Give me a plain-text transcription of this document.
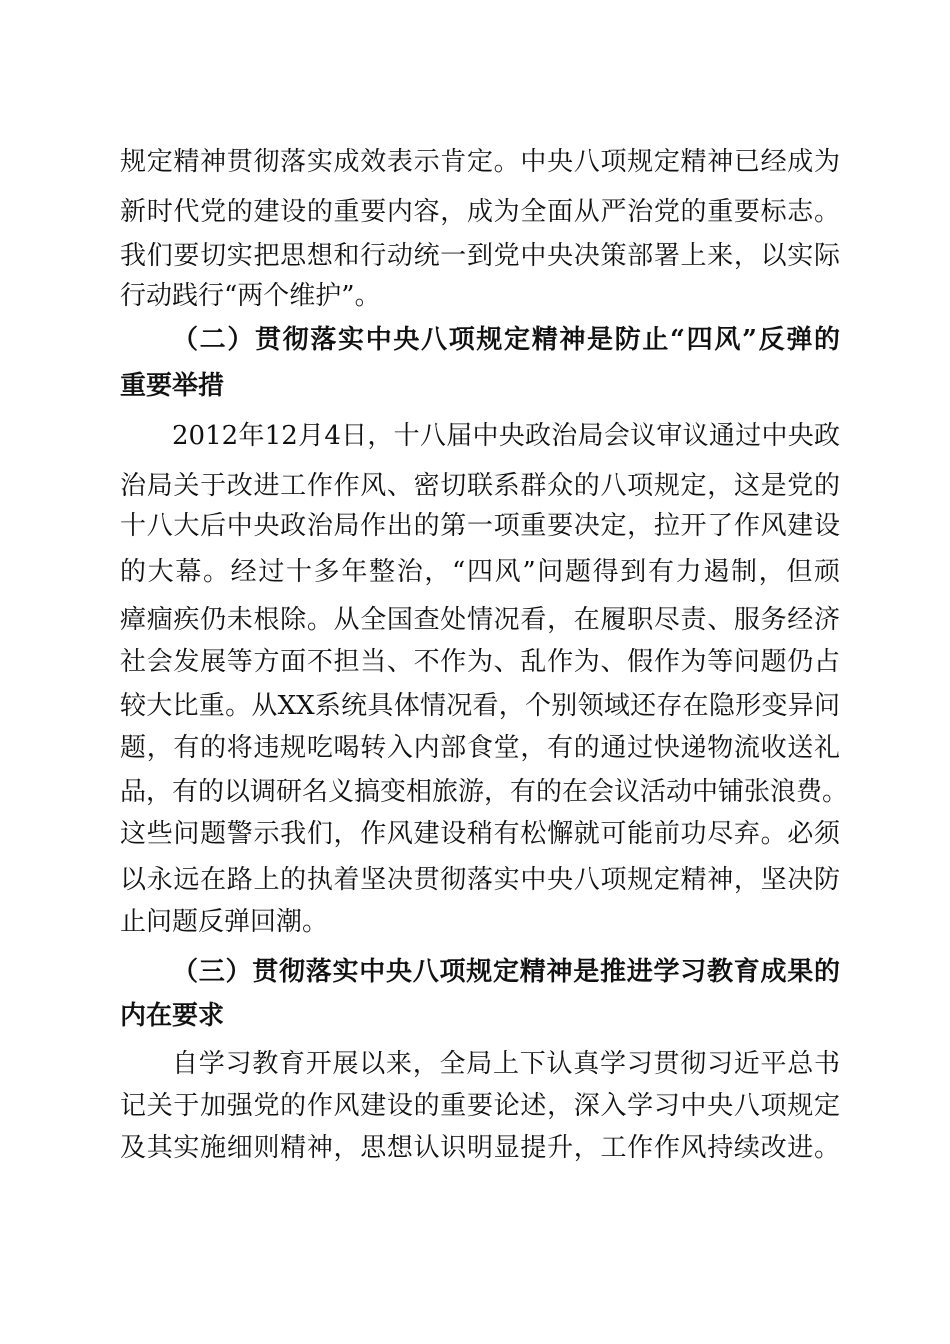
规定精神贯彻落实成效表示肯定。中央八项规定精神已经成为
新时代党的建设的重要内容，成为全面从严治党的重要标志。
我们要切实把思想和行动统一到党中央决策部署上来，以实际
行动践行“两个维护”。
（二）贯彻落实中央八项规定精神是防止“四风”反弹的
重要举措
2012年12月4日，十八届中央政治局会议审议通过中央政
治局关于改进工作作风、密切联系群众的八项规定，这是党的
十八大后中央政治局作出的第一项重要决定，拉开了作风建设
的大幕。经过十多年整治，“四风”问题得到有力遏制，但顽
瘴痼疾仍未根除。从全国查处情况看，在履职尽责、服务经济
社会发展等方面不担当、不作为、乱作为、假作为等问题仍占
较大比重。从XX系统具体情况看，个别领域还存在隐形变异问
题，有的将违规吃喝转入内部食堂，有的通过快递物流收送礼
品，有的以调研名义搞变相旅游，有的在会议活动中铺张浪费。
这些问题警示我们，作风建设稍有松懈就可能前功尽弃。必须
以永远在路上的执着坚决贯彻落实中央八项规定精神，坚决防
止问题反弹回潮。
（三）贯彻落实中央八项规定精神是推进学习教育成果的
内在要求
自学习教育开展以来，全局上下认真学习贯彻习近平总书
记关于加强党的作风建设的重要论述，深入学习中央八项规定
及其实施细则精神，思想认识明显提升，工作作风持续改进。
